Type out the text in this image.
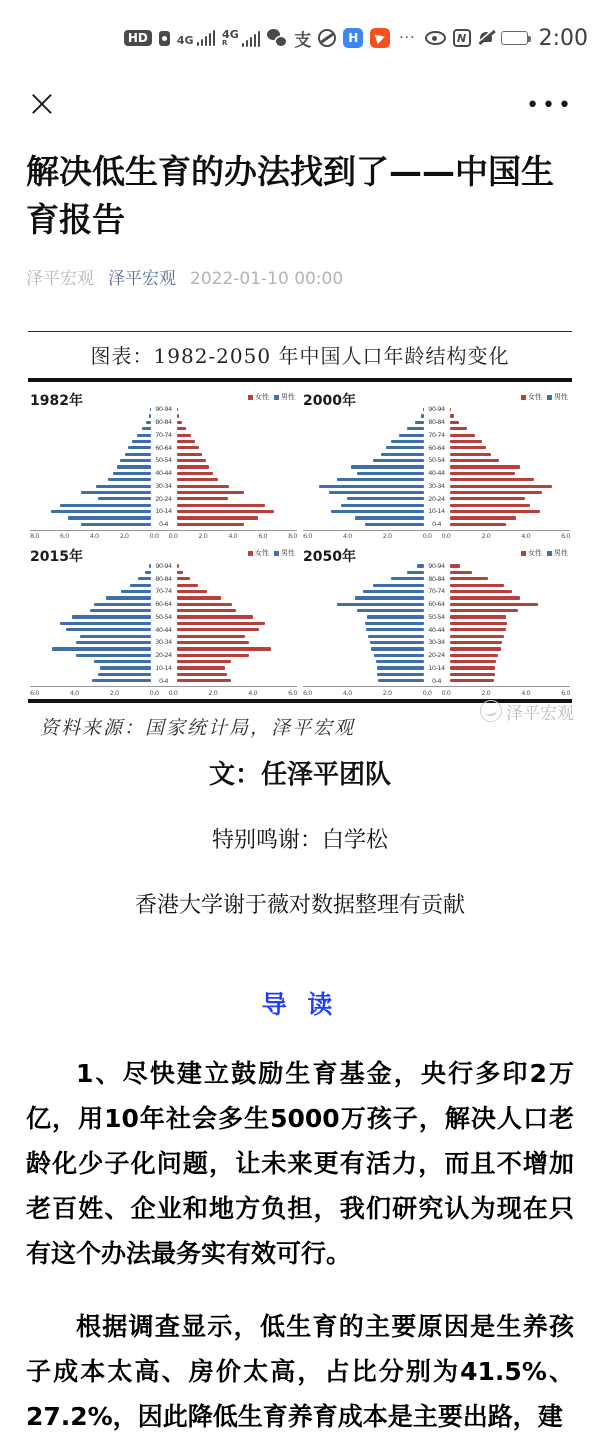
HD	4G	4G
R	支	H	···	N	2:00
×	•••
解决低生育的办法找到了——中国生育报告
泽平宏观 泽平宏观 2022-01-10 00:00
图表：1982-2050 年中国人口年龄结构变化
1982年	女性 男性
90-94
80-84
70-74
60-64
50-54
40-44
30-34
20-24
10-14
0-4
8.0	6.0	4.0	2.0	0.0 0.0	2.0	4.0	6.0	8.0
2000年	女性 男性
90-94
80-84
70-74
60-64
50-54
40-44
30-34
20-24
10-14
0-4
6.0	4.0	2.0	0.0 0.0	2.0	4.0	6.0
2015年	女性 男性
90-94
80-84
70-74
60-64
50-54
40-44
30-34
20-24
10-14
0-4
6.0	4.0	2.0	0.0 0.0	2.0	4.0	6.0
2050年	女性 男性
90-94
80-84
70-74
60-64
50-54
40-44
30-34
20-24
10-14
0-4
6.0	4.0	2.0	0.0 0.0	2.0	4.0	6.0
泽平宏观
资料来源：国家统计局，泽平宏观
文：任泽平团队
特别鸣谢：白学松
香港大学谢于薇对数据整理有贡献
导 读

1、尽快建立鼓励生育基金，央行多印2万亿，用10年社会多生5000万孩子，解决人口老龄化少子化问题，让未来更有活力，而且不增加老百姓、企业和地方负担，我们研究认为现在只有这个办法最务实有效可行。

根据调查显示，低生育的主要原因是生养孩子成本太高、房价太高，占比分别为41.5%、27.2%，因此降低生育养育成本是主要出路，建
